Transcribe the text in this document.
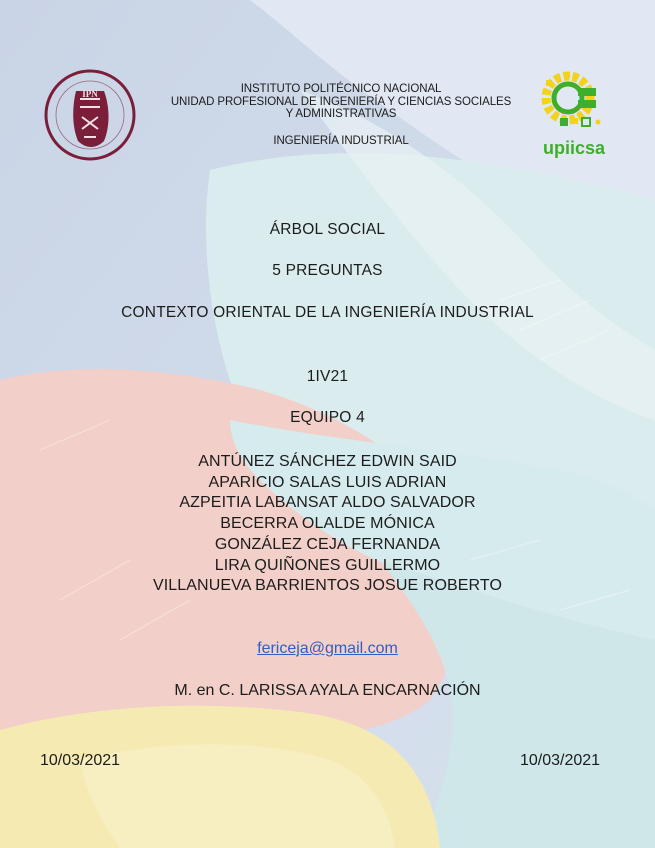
IPN
upiicsa
INSTITUTO POLITÉCNICO NACIONAL
UNIDAD PROFESIONAL DE INGENIERÍA Y CIENCIAS SOCIALES
Y ADMINISTRATIVAS
INGENIERÍA INDUSTRIAL
ÁRBOL SOCIAL
5 PREGUNTAS
CONTEXTO ORIENTAL DE LA INGENIERÍA INDUSTRIAL
1IV21
EQUIPO 4
ANTÚNEZ SÁNCHEZ EDWIN SAID
APARICIO SALAS LUIS ADRIAN
AZPEITIA LABANSAT ALDO SALVADOR
BECERRA OLALDE MÓNICA
GONZÁLEZ CEJA FERNANDA
LIRA QUIÑONES GUILLERMO
VILLANUEVA BARRIENTOS JOSUE ROBERTO
fericeja@gmail.com
M. en C. LARISSA AYALA ENCARNACIÓN
10/03/2021	10/03/2021
